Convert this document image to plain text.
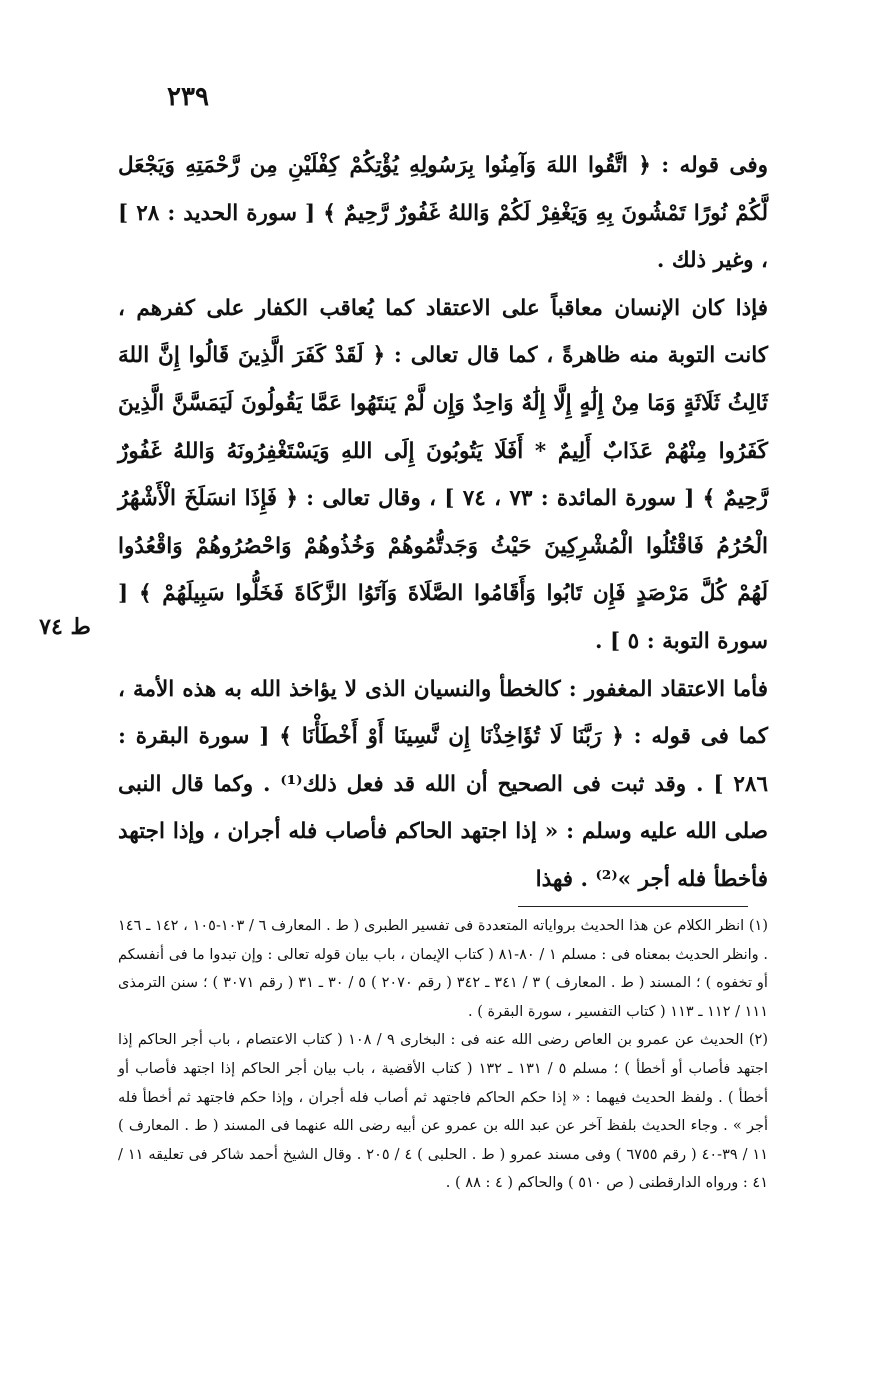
٢٣٩
ط ٧٤

وفى قوله : ﴿ اتَّقُوا اللهَ وَآمِنُوا بِرَسُولِهِ يُؤْتِكُمْ كِفْلَيْنِ مِن رَّحْمَتِهِ وَيَجْعَل لَّكُمْ نُورًا تَمْشُونَ بِهِ وَيَغْفِرْ لَكُمْ وَاللهُ غَفُورٌ رَّحِيمٌ ﴾ [ سورة الحديد : ٢٨ ] ، وغير ذلك .

فإذا كان الإنسان معاقباً على الاعتقاد كما يُعاقب الكفار على كفرهم ، كانت التوبة منه ظاهرةً ، كما قال تعالى : ﴿ لَقَدْ كَفَرَ الَّذِينَ قَالُوا إِنَّ اللهَ ثَالِثُ ثَلَاثَةٍ وَمَا مِنْ إِلَٰهٍ إِلَّا إِلَٰهٌ وَاحِدٌ وَإِن لَّمْ يَنتَهُوا عَمَّا يَقُولُونَ لَيَمَسَّنَّ الَّذِينَ كَفَرُوا مِنْهُمْ عَذَابٌ أَلِيمٌ * أَفَلَا يَتُوبُونَ إِلَى اللهِ وَيَسْتَغْفِرُونَهُ وَاللهُ غَفُورٌ رَّحِيمٌ ﴾ [ سورة المائدة : ٧٣ ، ٧٤ ] ، وقال تعالى : ﴿ فَإِذَا انسَلَخَ الْأَشْهُرُ الْحُرُمُ فَاقْتُلُوا الْمُشْرِكِينَ حَيْثُ وَجَدتُّمُوهُمْ وَخُذُوهُمْ وَاحْصُرُوهُمْ وَاقْعُدُوا لَهُمْ كُلَّ مَرْصَدٍ فَإِن تَابُوا وَأَقَامُوا الصَّلَاةَ وَآتَوُا الزَّكَاةَ فَخَلُّوا سَبِيلَهُمْ ﴾ [ سورة التوبة : ٥ ] .

فأما الاعتقاد المغفور : كالخطأ والنسيان الذى لا يؤاخذ الله به هذه الأمة ، كما فى قوله : ﴿ رَبَّنَا لَا تُؤَاخِذْنَا إِن نَّسِينَا أَوْ أَخْطَأْنَا ﴾ [ سورة البقرة : ٢٨٦ ] . وقد ثبت فى الصحيح أن الله قد فعل ذلك⁽¹⁾ . وكما قال النبى صلى الله عليه وسلم : « إذا اجتهد الحاكم فأصاب فله أجران ، وإذا اجتهد فأخطأ فله أجر »⁽²⁾ . فهذا

(١) انظر الكلام عن هذا الحديث برواياته المتعددة فى تفسير الطبرى ( ط . المعارف ٦ / ١٠٣-١٠٥ ، ١٤٢ ـ ١٤٦ . وانظر الحديث بمعناه فى : مسلم ١ / ٨٠-٨١ ( كتاب الإيمان ، باب بيان قوله تعالى : وإن تبدوا ما فى أنفسكم أو تخفوه ) ؛ المسند ( ط . المعارف ) ٣ / ٣٤١ ـ ٣٤٢ ( رقم ٢٠٧٠ ) ٥ / ٣٠ ـ ٣١ ( رقم ٣٠٧١ ) ؛ سنن الترمذى ١١١ / ١١٢ ـ ١١٣ ( كتاب التفسير ، سورة البقرة ) .

(٢) الحديث عن عمرو بن العاص رضى الله عنه فى : البخارى ٩ / ١٠٨ ( كتاب الاعتصام ، باب أجر الحاكم إذا اجتهد فأصاب أو أخطأ ) ؛ مسلم ٥ / ١٣١ ـ ١٣٢ ( كتاب الأقضية ، باب بيان أجر الحاكم إذا اجتهد فأصاب أو أخطأ ) . ولفظ الحديث فيهما : « إذا حكم الحاكم فاجتهد ثم أصاب فله أجران ، وإذا حكم فاجتهد ثم أخطأ فله أجر » . وجاء الحديث بلفظ آخر عن عبد الله بن عمرو عن أبيه رضى الله عنهما فى المسند ( ط . المعارف ) ١١ / ٣٩-٤٠ ( رقم ٦٧٥٥ ) وفى مسند عمرو ( ط . الحلبى ) ٤ / ٢٠٥ . وقال الشيخ أحمد شاكر فى تعليقه ١١ / ٤١ : ورواه الدارقطنى ( ص ٥١٠ ) والحاكم ( ٤ : ٨٨ ) .
